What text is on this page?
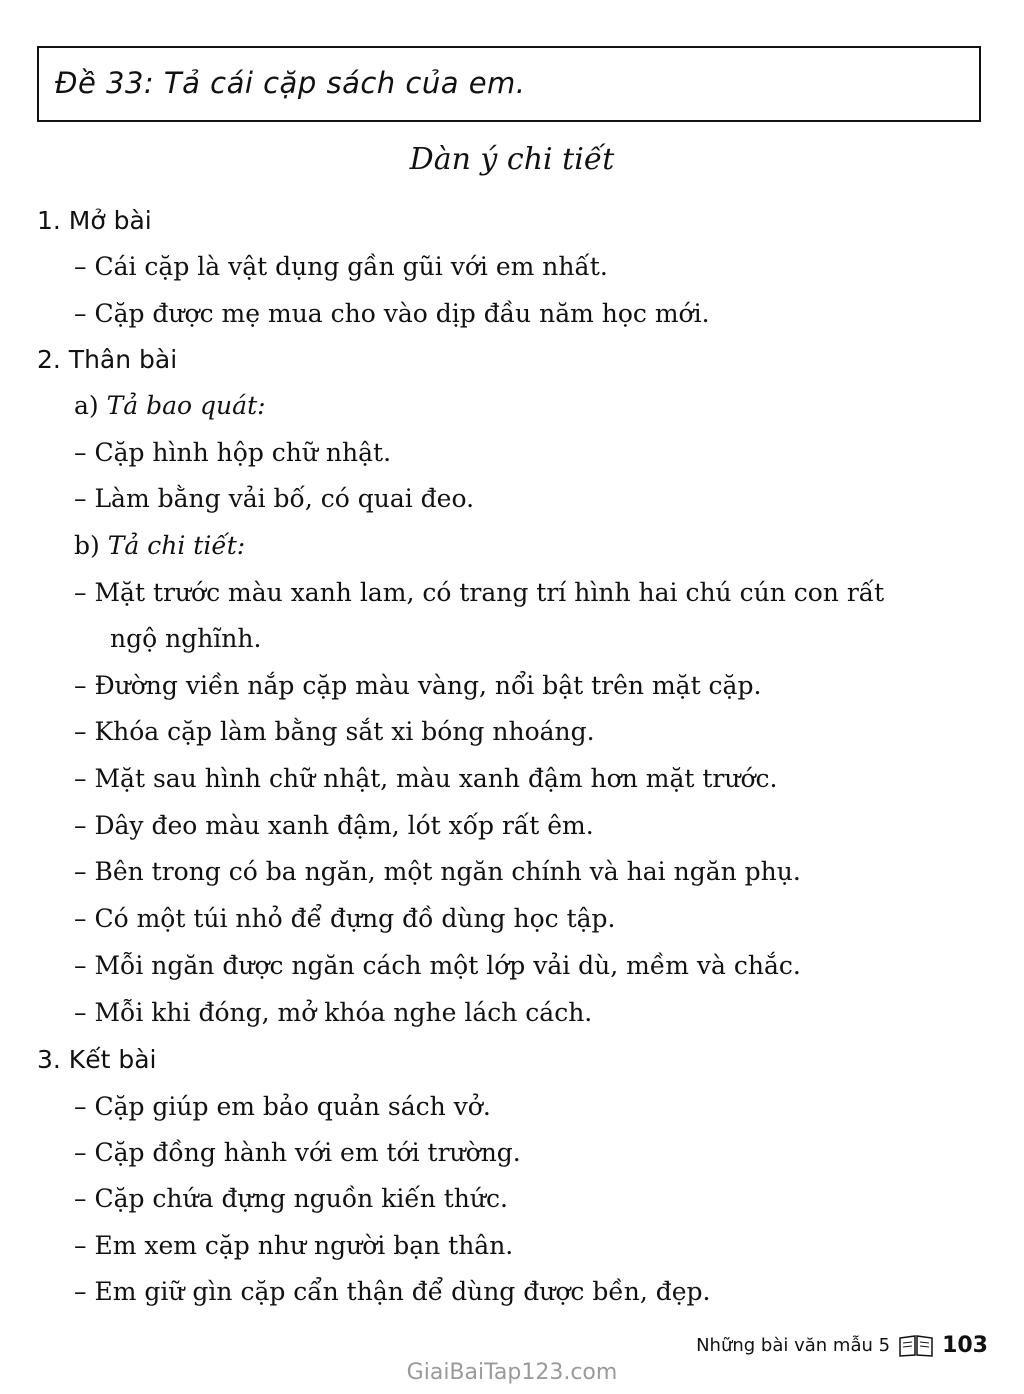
Đề 33: Tả cái cặp sách của em.
Dàn ý chi tiết
1. Mở bài
– Cái cặp là vật dụng gần gũi với em nhất.
– Cặp được mẹ mua cho vào dịp đầu năm học mới.
2. Thân bài
a) Tả bao quát:
– Cặp hình hộp chữ nhật.
– Làm bằng vải bố, có quai đeo.
b) Tả chi tiết:
– Mặt trước màu xanh lam, có trang trí hình hai chú cún con rất
ngộ nghĩnh.
– Đường viền nắp cặp màu vàng, nổi bật trên mặt cặp.
– Khóa cặp làm bằng sắt xi bóng nhoáng.
– Mặt sau hình chữ nhật, màu xanh đậm hơn mặt trước.
– Dây đeo màu xanh đậm, lót xốp rất êm.
– Bên trong có ba ngăn, một ngăn chính và hai ngăn phụ.
– Có một túi nhỏ để đựng đồ dùng học tập.
– Mỗi ngăn được ngăn cách một lớp vải dù, mềm và chắc.
– Mỗi khi đóng, mở khóa nghe lách cách.
3. Kết bài
– Cặp giúp em bảo quản sách vở.
– Cặp đồng hành với em tới trường.
– Cặp chứa đựng nguồn kiến thức.
– Em xem cặp như người bạn thân.
– Em giữ gìn cặp cẩn thận để dùng được bền, đẹp.
Những bài văn mẫu 5 103
GiaiBaiTap123.com
